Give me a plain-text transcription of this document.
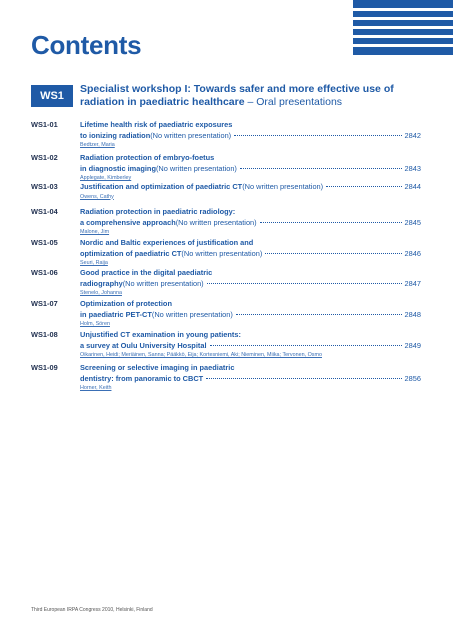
Contents
WS1
Specialist workshop I: Towards safer and more effective use of radiation in paediatric healthcare – Oral presentations
WS1-01	Lifetime health risk of paediatric exposures
to ionizing radiation (No written presentation)	2842
Bedtzer, Maria
WS1-02	Radiation protection of embryo-foetus
in diagnostic imaging (No written presentation)	2843
Applegate, Kimberley
WS1-03	Justification and optimization of paediatric CT (No written presentation)	2844
Owens, Cathy
WS1-04	Radiation protection in paediatric radiology:
a comprehensive approach (No written presentation)	2845
Malone, Jim
WS1-05	Nordic and Baltic experiences of justification and
optimization of paediatric CT (No written presentation)	2846
Seuri, Raija
WS1-06	Good practice in the digital paediatric
radiography (No written presentation)	2847
Stenelo, Johanna
WS1-07	Optimization of protection
in paediatric PET-CT (No written presentation)	2848
Holm, Sören
WS1-08	Unjustified CT examination in young patients:
a survey at Oulu University Hospital	2849
Oikarinen, Heidi; Meriäinen, Sanna; Pääkkö, Eija; Kortesniemi, Aki; Nieminen, Miika; Tervonen, Osmo
WS1-09	Screening or selective imaging in paediatric
dentistry: from panoramic to CBCT	2856
Horner, Keith
Third European IRPA Congress 2010, Helsinki, Finland
